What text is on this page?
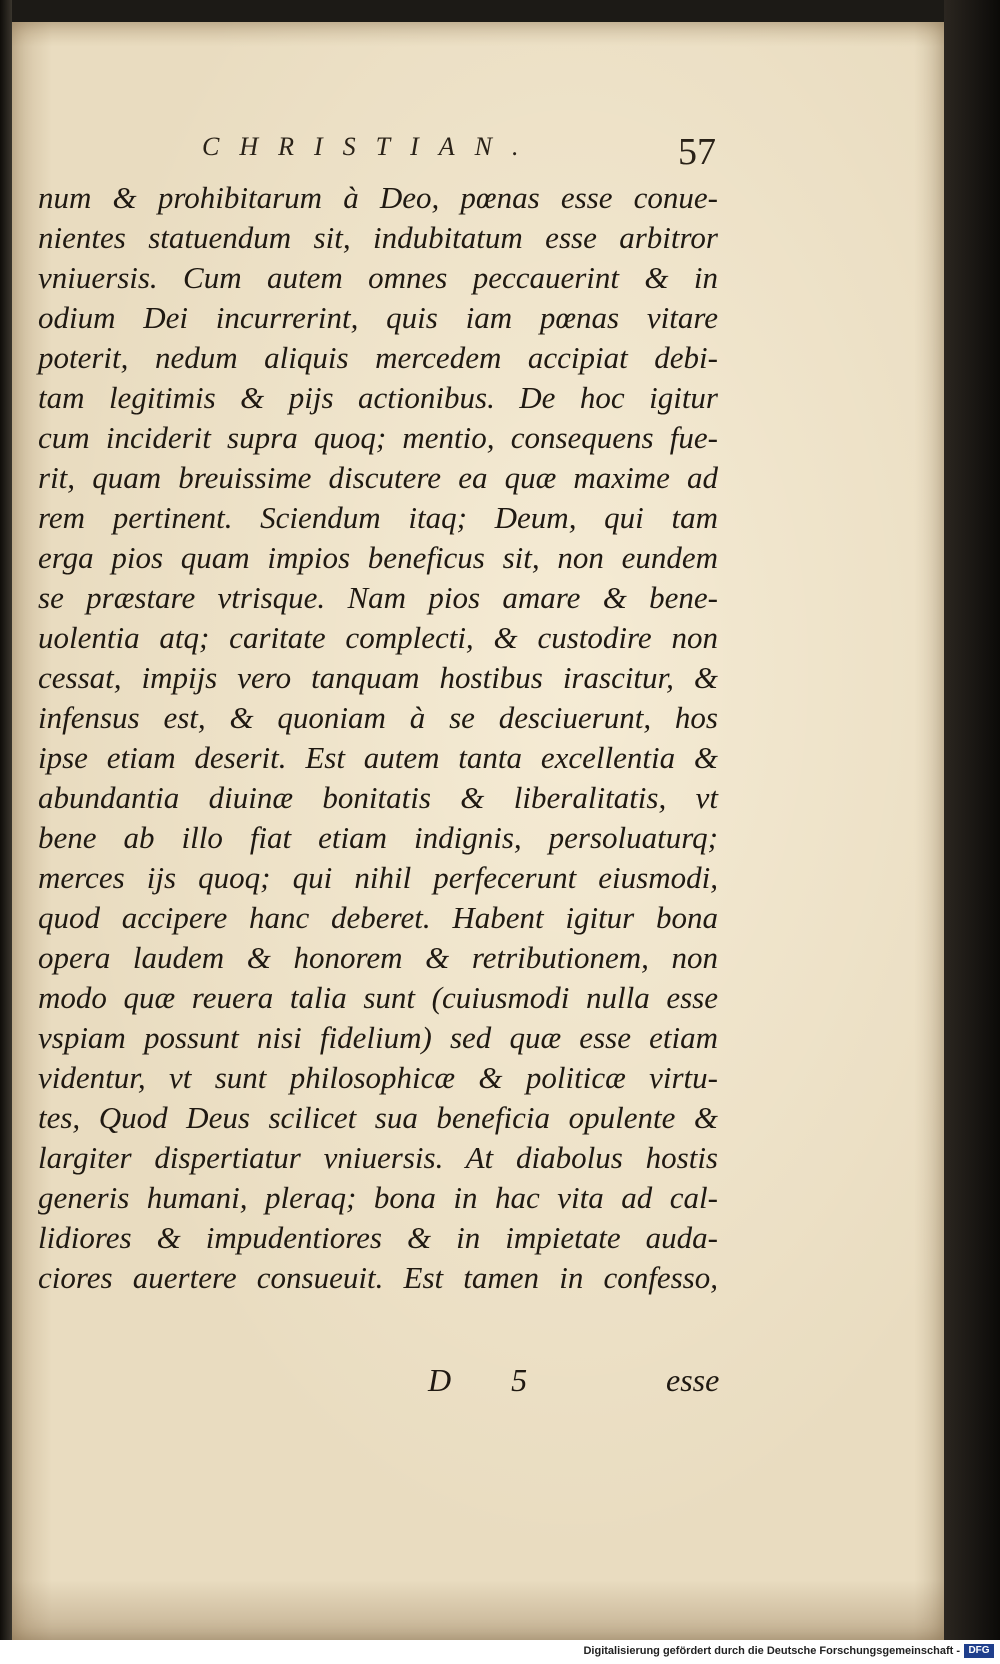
CHRISTIAN.	57
num & prohibitarum à Deo, pœnas esse conue-
nientes statuendum sit, indubitatum esse arbitror
vniuersis. Cum autem omnes peccauerint & in
odium Dei incurrerint, quis iam pœnas vitare
poterit, nedum aliquis mercedem accipiat debi-
tam legitimis & pijs actionibus. De hoc igitur
cum inciderit supra quoq; mentio, consequens fue-
rit, quam breuissime discutere ea quæ maxime ad
rem pertinent. Sciendum itaq; Deum, qui tam
erga pios quam impios beneficus sit, non eundem
se præstare vtrisque. Nam pios amare & bene-
uolentia atq; caritate complecti, & custodire non
cessat, impijs vero tanquam hostibus irascitur, &
infensus est, & quoniam à se desciuerunt, hos
ipse etiam deserit. Est autem tanta excellentia &
abundantia diuinæ bonitatis & liberalitatis, vt
bene ab illo fiat etiam indignis, persoluaturq;
merces ijs quoq; qui nihil perfecerunt eiusmodi,
quod accipere hanc deberet. Habent igitur bona
opera laudem & honorem & retributionem, non
modo quæ reuera talia sunt (cuiusmodi nulla esse
vspiam possunt nisi fidelium) sed quæ esse etiam
videntur, vt sunt philosophicæ & politicæ virtu-
tes, Quod Deus scilicet sua beneficia opulente &
largiter dispertiatur vniuersis. At diabolus hostis
generis humani, pleraq; bona in hac vita ad cal-
lidiores & impudentiores & in impietate auda-
ciores auertere consueuit. Est tamen in confesso,
D 5	esse
Digitalisierung gefördert durch die Deutsche Forschungsgemeinschaft - DFG
